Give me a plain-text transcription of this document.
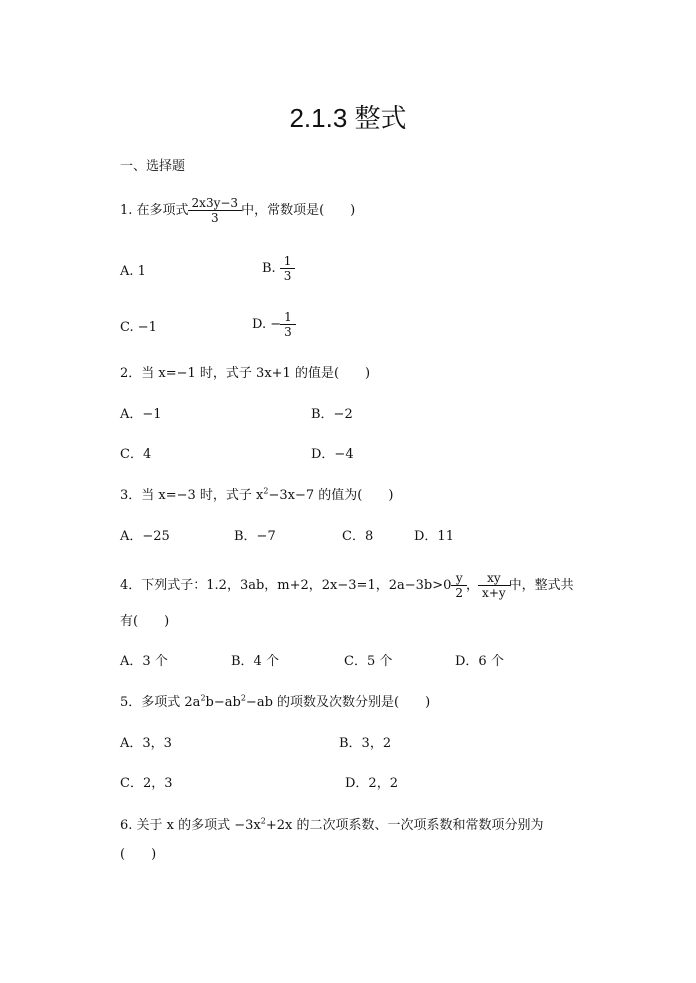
2.1.3 整式
一、选择题
1. 在多项式 $\frac{2x3y-3}{3}$ 中，常数项是(　　)
A. 1	B. $\frac{1}{3}$
C. −1	D. − $\frac{1}{3}$
2．当 x=−1 时，式子 3x+1 的值是(　　)
A．−1	B．−2
C．4	D．−4
3．当 x=−3 时，式子 $x^2-3x-7$ 的值为(　　)
A．−25	B．−7	C．8	D．11
4．下列式子：1.2，3ab，m+2，2x−3=1，$2a-3b>0 \frac{y}{2}$ ， $\frac{xy}{x+y}$ 中，整式共
有(　　)
A．3 个	B．4 个	C．5 个	D．6 个
5．多项式 $2a^2b-ab^2-ab$ 的项数及次数分别是(　　)
A．3，3	B．3，2
C．2，3	D．2，2
6. 关于 x 的多项式 $-3x^2+2x$ 的二次项系数、一次项系数和常数项分别为
(　　)
